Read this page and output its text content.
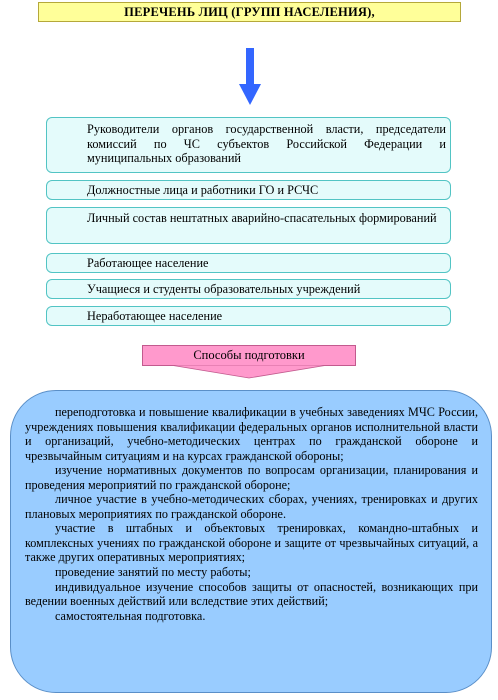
ПЕРЕЧЕНЬ ЛИЦ (ГРУПП НАСЕЛЕНИЯ),
Руководители органов государственной власти, председатели комиссий по ЧС субъектов Российской Федерации и муниципальных образований
Должностные лица и работники ГО и РСЧС
Личный состав нештатных аварийно-спасательных формирований
Работающее население
Учащиеся и студенты образовательных учреждений
Неработающее население
Способы подготовки

переподготовка и повышение квалификации в учебных заведениях МЧС России, учреждениях повышения квалификации федеральных органов исполнительной власти и организаций, учебно-методических центрах по гражданской обороне и чрезвычайным ситуациям и на курсах гражданской обороны;

изучение нормативных документов по вопросам организации, планирования и проведения мероприятий по гражданской обороне;

личное участие в учебно-методических сборах, учениях, тренировках и других плановых мероприятиях по гражданской обороне.

участие в штабных и объектовых тренировках, командно-штабных и комплексных учениях по гражданской обороне и защите от чрезвычайных ситуаций, а также других оперативных мероприятиях;

проведение занятий по месту работы;

индивидуальное изучение способов защиты от опасностей, возникающих при ведении военных действий или вследствие этих действий;

самостоятельная подготовка.
